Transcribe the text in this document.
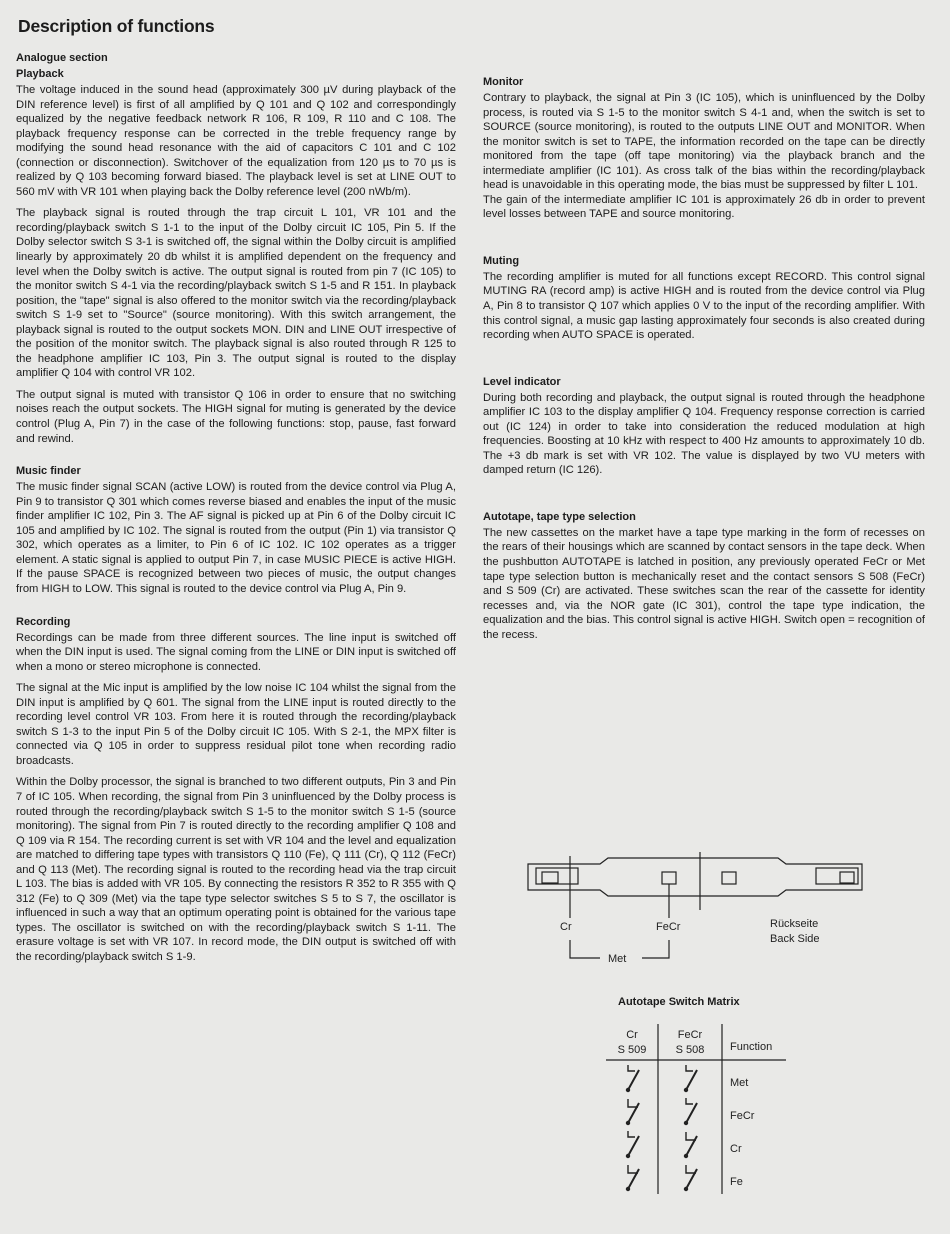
Description of functions
Analogue section
Playback

The voltage induced in the sound head (approximately 300 µV during playback of the DIN reference level) is first of all amplified by Q 101 and Q 102 and correspondingly equalized by the negative feedback network R 106, R 109, R 110 and C 108. The playback frequency response can be corrected in the treble frequency range by modifying the sound head resonance with the aid of capacitors C 101 and C 102 (connection or disconnection). Switchover of the equalization from 120 µs to 70 µs is realized by Q 103 becoming forward biased. The playback level is set at LINE OUT to 560 mV with VR 101 when playing back the Dolby reference level (200 nWb/m).

The playback signal is routed through the trap circuit L 101, VR 101 and the recording/playback switch S 1-1 to the input of the Dolby circuit IC 105, Pin 5. If the Dolby selector switch S 3-1 is switched off, the signal within the Dolby circuit is amplified linearly by approximately 20 db whilst it is amplified dependent on the frequency and level when the Dolby switch is active. The output signal is routed from pin 7 (IC 105) to the monitor switch S 4-1 via the recording/playback switch S 1-5 and R 151. In playback position, the "tape" signal is also offered to the monitor switch via the recording/playback switch S 1-9 set to "Source" (source monitoring). With this switch arrangement, the playback signal is routed to the output sockets MON. DIN and LINE OUT irrespective of the position of the monitor switch. The playback signal is also routed through R 125 to the headphone amplifier IC 103, Pin 3. The output signal is routed to the display amplifier Q 104 with control VR 102.

The output signal is muted with transistor Q 106 in order to ensure that no switching noises reach the output sockets. The HIGH signal for muting is generated by the device control (Plug A, Pin 7) in the case of the following functions: stop, pause, fast forward and rewind.

Music finder

The music finder signal SCAN (active LOW) is routed from the device control via Plug A, Pin 9 to transistor Q 301 which comes reverse biased and enables the input of the music finder amplifier IC 102, Pin 3. The AF signal is picked up at Pin 6 of the Dolby circuit IC 105 and amplified by IC 102. The signal is routed from the output (Pin 1) via transistor Q 302, which operates as a limiter, to Pin 6 of IC 102. IC 102 operates as a trigger element. A static signal is applied to output Pin 7, in case MUSIC PIECE is active HIGH. If the pause SPACE is recognized between two pieces of music, the output changes from HIGH to LOW. This signal is routed to the device control via Plug A, Pin 9.

Recording

Recordings can be made from three different sources. The line input is switched off when the DIN input is used. The signal coming from the LINE or DIN input is switched off when a mono or stereo microphone is connected.

The signal at the Mic input is amplified by the low noise IC 104 whilst the signal from the DIN input is amplified by Q 601. The signal from the LINE input is routed directly to the recording level control VR 103. From here it is routed through the recording/playback switch S 1-3 to the input Pin 5 of the Dolby circuit IC 105. With S 2-1, the MPX filter is connected via Q 105 in order to suppress residual pilot tone when recording radio broadcasts.

Within the Dolby processor, the signal is branched to two different outputs, Pin 3 and Pin 7 of IC 105. When recording, the signal from Pin 3 uninfluenced by the Dolby process is routed through the recording/playback switch S 1-5 to the monitor switch S 1-5 (source monitoring). The signal from Pin 7 is routed directly to the recording amplifier Q 108 and Q 109 via R 154. The recording current is set with VR 104 and the level and equalization are matched to differing tape types with transistors Q 110 (Fe), Q 111 (Cr), Q 112 (FeCr) and Q 113 (Met). The recording signal is routed to the recording head via the trap circuit L 103. The bias is added with VR 105. By connecting the resistors R 352 to R 355 with Q 312 (Fe) to Q 309 (Met) via the tape type selector switches S 5 to S 7, the oscillator is influenced in such a way that an optimum operating point is obtained for the various tape types. The oscillator is switched on with the recording/playback switch S 1-11. The erasure voltage is set with VR 107. In record mode, the DIN output is switched off with the recording/playback switch S 1-9.

Monitor

Contrary to playback, the signal at Pin 3 (IC 105), which is uninfluenced by the Dolby process, is routed via S 1-5 to the monitor switch S 4-1 and, when the switch is set to SOURCE (source monitoring), is routed to the outputs LINE OUT and MONITOR. When the monitor switch is set to TAPE, the information recorded on the tape can be directly monitored from the tape (off tape monitoring) via the playback branch and the intermediate amplifier (IC 101). As cross talk of the bias within the recording/playback head is unavoidable in this operating mode, the bias must be suppressed by filter L 101.

The gain of the intermediate amplifier IC 101 is approximately 26 db in order to prevent level losses between TAPE and source monitoring.

Muting

The recording amplifier is muted for all functions except RECORD. This control signal MUTING RA (record amp) is active HIGH and is routed from the device control via Plug A, Pin 8 to transistor Q 107 which applies 0 V to the input of the recording amplifier. With this control signal, a music gap lasting approximately four seconds is also created during recording when AUTO SPACE is operated.

Level indicator

During both recording and playback, the output signal is routed through the headphone amplifier IC 103 to the display amplifier Q 104. Frequency response correction is carried out (IC 124) in order to take into consideration the reduced modulation at high frequencies. Boosting at 10 kHz with respect to 400 Hz amounts to approximately 10 db. The +3 db mark is set with VR 102. The value is displayed by two VU meters with damped return (IC 126).

Autotape, tape type selection

The new cassettes on the market have a tape type marking in the form of recesses on the rears of their housings which are scanned by contact sensors in the tape deck. When the pushbutton AUTOTAPE is latched in position, any previously operated FeCr or Met tape type selection button is mechanically reset and the contact sensors S 508 (FeCr) and S 509 (Cr) are activated. These switches scan the rear of the cassette for identity recesses and, via the NOR gate (IC 301), control the tape type indication, the equalization and the bias. This control signal is active HIGH. Switch open = recognition of the recess.

Cr	FeCr
Met
Rückseite
Back Side
Autotape Switch Matrix
Cr
S 509
FeCr
S 508 Function
Met
FeCr
Cr
Fe
